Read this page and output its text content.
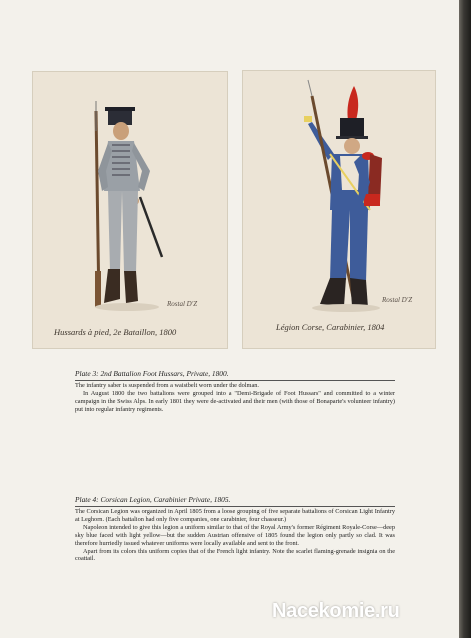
Rostal D'Z
Hussards à pied, 2e Bataillon, 1800
Rostal D'Z
Légion Corse, Carabinier, 1804
Plate 3: 2nd Battalion Foot Hussars, Private, 1800.

The infantry saber is suspended from a waistbelt worn under the dolman.

In August 1800 the two battalions were grouped into a "Demi-Brigade of Foot Hussars" and committed to a winter campaign in the Swiss Alps. In early 1801 they were de-activated and their men (with those of Bonaparte's volunteer infantry) put into regular infantry regiments.

Plate 4: Corsican Legion, Carabinier Private, 1805.

The Corsican Legion was organized in April 1805 from a loose grouping of five separate battalions of Corsican Light Infantry at Leghorn. (Each battalion had only five companies, one carabinier, four chasseur.)

Napoleon intended to give this legion a uniform similar to that of the Royal Army's former Régiment Royale-Corse—deep sky blue faced with light yellow—but the sudden Austrian offensive of 1805 found the legion only partly so clad. It was therefore hurriedly issued whatever uniforms were locally available and sent to the front.

Apart from its colors this uniform copies that of the French light infantry. Note the scarlet flaming-grenade insignia on the coattail.

Nacekomie.ru
